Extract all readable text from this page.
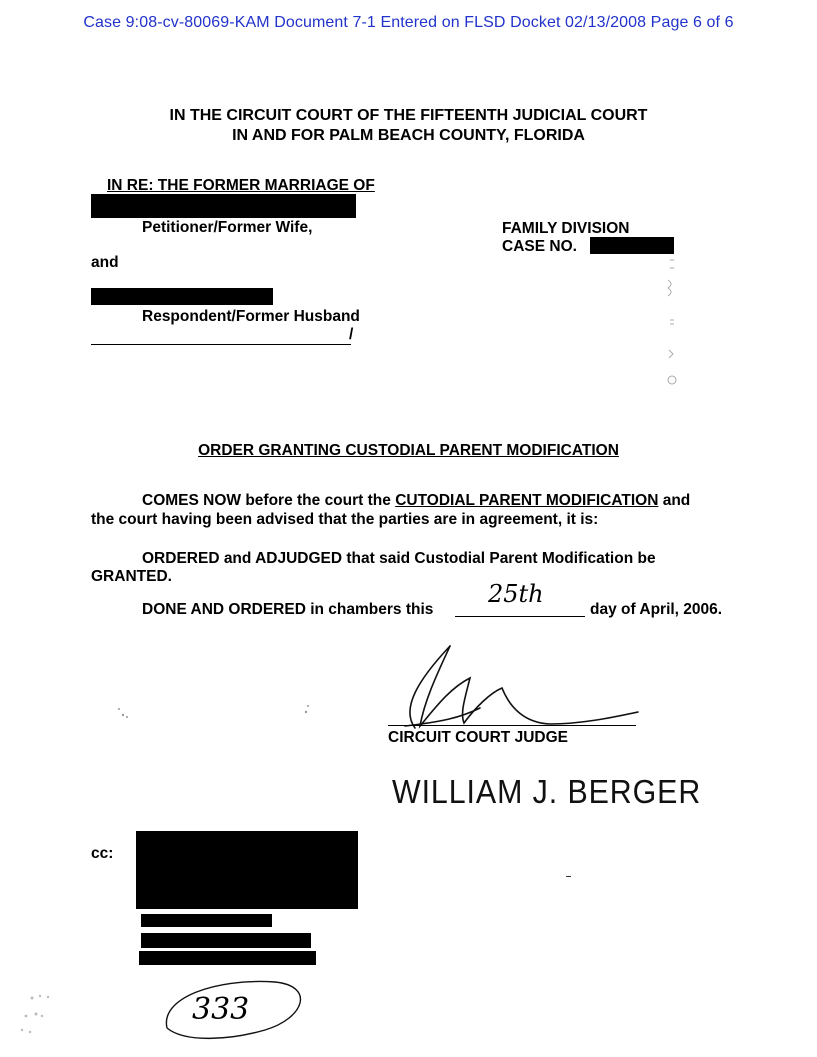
Case 9:08-cv-80069-KAM Document 7-1 Entered on FLSD Docket 02/13/2008 Page 6 of 6
IN THE CIRCUIT COURT OF THE FIFTEENTH JUDICIAL COURT
IN AND FOR PALM BEACH COUNTY, FLORIDA
IN RE: THE FORMER MARRIAGE OF
Petitioner/Former Wife,
and
Respondent/Former Husband
/
FAMILY DIVISION
CASE NO.
ORDER GRANTING CUSTODIAL PARENT MODIFICATION
COMES NOW before the court the CUTODIAL PARENT MODIFICATION and
the court having been advised that the parties are in agreement, it is:
ORDERED and ADJUDGED that said Custodial Parent Modification be
GRANTED.
DONE AND ORDERED in chambers this
25th
day of April, 2006.
CIRCUIT COURT JUDGE
WILLIAM J. BERGER
cc:
333
